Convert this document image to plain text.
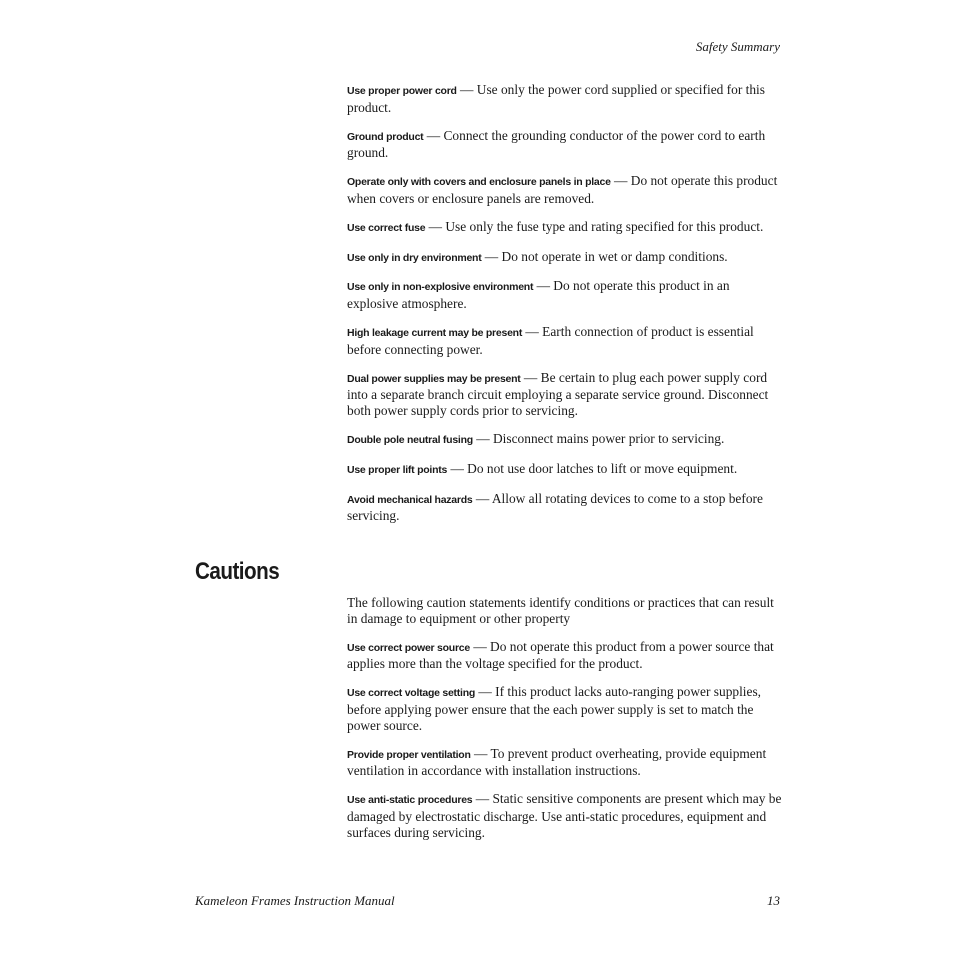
Safety Summary

Use proper power cord — Use only the power cord supplied or specified for this product.

Ground product — Connect the grounding conductor of the power cord to earth ground.

Operate only with covers and enclosure panels in place — Do not operate this product when covers or enclosure panels are removed.

Use correct fuse — Use only the fuse type and rating specified for this product.

Use only in dry environment — Do not operate in wet or damp conditions.

Use only in non-explosive environment — Do not operate this product in an explosive atmosphere.

High leakage current may be present — Earth connection of product is essential before connecting power.

Dual power supplies may be present — Be certain to plug each power supply cord into a separate branch circuit employing a separate service ground. Disconnect both power supply cords prior to servicing.

Double pole neutral fusing — Disconnect mains power prior to servicing.

Use proper lift points — Do not use door latches to lift or move equipment.

Avoid mechanical hazards — Allow all rotating devices to come to a stop before servicing.

Cautions

The following caution statements identify conditions or practices that can result in damage to equipment or other property

Use correct power source — Do not operate this product from a power source that applies more than the voltage specified for the product.

Use correct voltage setting — If this product lacks auto-ranging power supplies, before applying power ensure that the each power supply is set to match the power source.

Provide proper ventilation — To prevent product overheating, provide equipment ventilation in accordance with installation instructions.

Use anti-static procedures — Static sensitive components are present which may be damaged by electrostatic discharge. Use anti-static procedures, equipment and surfaces during servicing.

Kameleon Frames Instruction Manual	13
